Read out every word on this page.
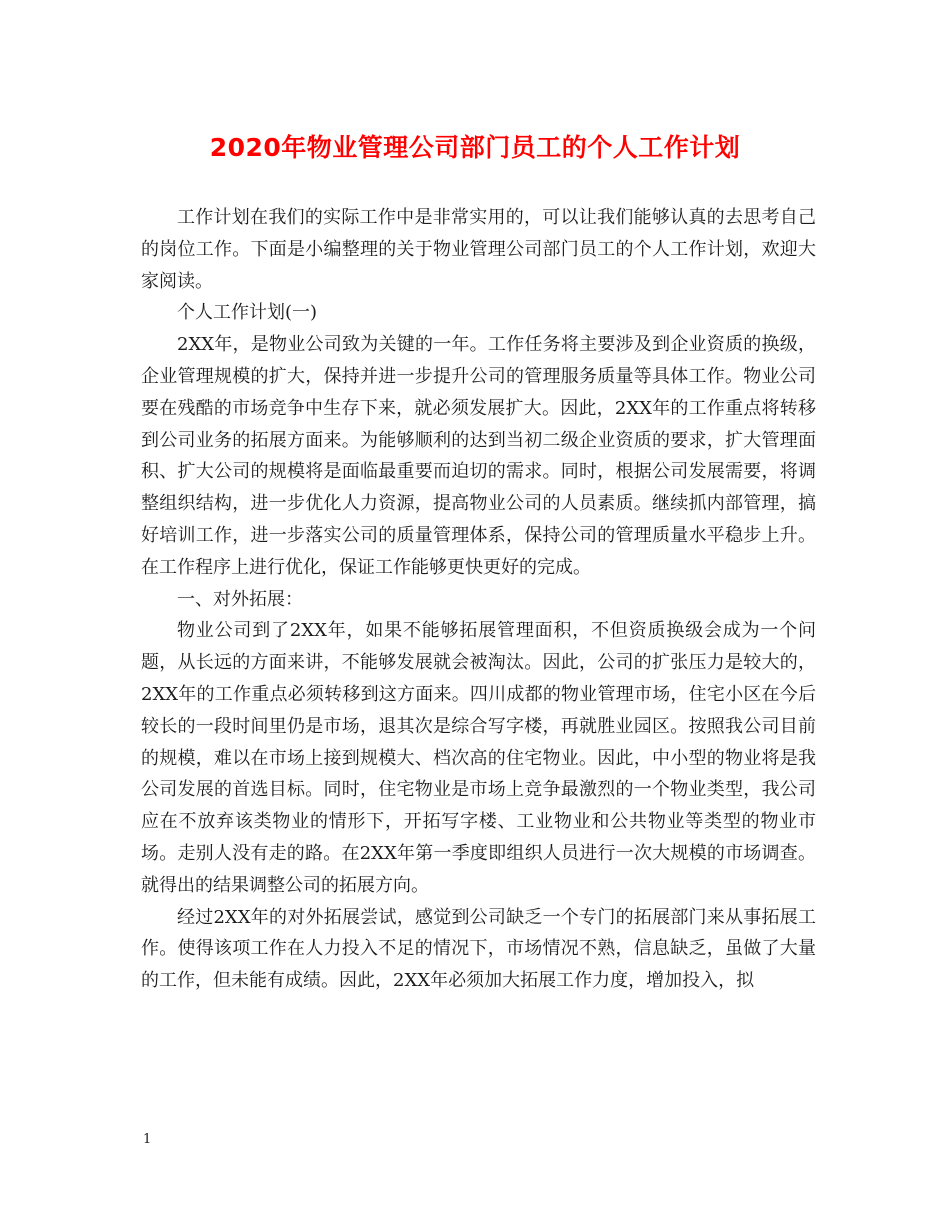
2020年物业管理公司部门员工的个人工作计划

工作计划在我们的实际工作中是非常实用的，可以让我们能够认真的去思考自己的岗位工作。下面是小编整理的关于物业管理公司部门员工的个人工作计划，欢迎大家阅读。

个人工作计划(一)

2XX年，是物业公司致为关键的一年。工作任务将主要涉及到企业资质的换级，企业管理规模的扩大，保持并进一步提升公司的管理服务质量等具体工作。物业公司要在残酷的市场竞争中生存下来，就必须发展扩大。因此，2XX年的工作重点将转移到公司业务的拓展方面来。为能够顺利的达到当初二级企业资质的要求，扩大管理面积、扩大公司的规模将是面临最重要而迫切的需求。同时，根据公司发展需要，将调整组织结构，进一步优化人力资源，提高物业公司的人员素质。继续抓内部管理，搞好培训工作，进一步落实公司的质量管理体系，保持公司的管理质量水平稳步上升。在工作程序上进行优化，保证工作能够更快更好的完成。

一、对外拓展：

物业公司到了2XX年，如果不能够拓展管理面积，不但资质换级会成为一个问题，从长远的方面来讲，不能够发展就会被淘汰。因此，公司的扩张压力是较大的，2XX年的工作重点必须转移到这方面来。四川成都的物业管理市场，住宅小区在今后较长的一段时间里仍是市场，退其次是综合写字楼，再就胜业园区。按照我公司目前的规模，难以在市场上接到规模大、档次高的住宅物业。因此，中小型的物业将是我公司发展的首选目标。同时，住宅物业是市场上竞争最激烈的一个物业类型，我公司应在不放弃该类物业的情形下，开拓写字楼、工业物业和公共物业等类型的物业市场。走别人没有走的路。在2XX年第一季度即组织人员进行一次大规模的市场调查。就得出的结果调整公司的拓展方向。

经过2XX年的对外拓展尝试，感觉到公司缺乏一个专门的拓展部门来从事拓展工作。使得该项工作在人力投入不足的情况下，市场情况不熟，信息缺乏，虽做了大量的工作，但未能有成绩。因此，2XX年必须加大拓展工作力度，增加投入，拟

1
